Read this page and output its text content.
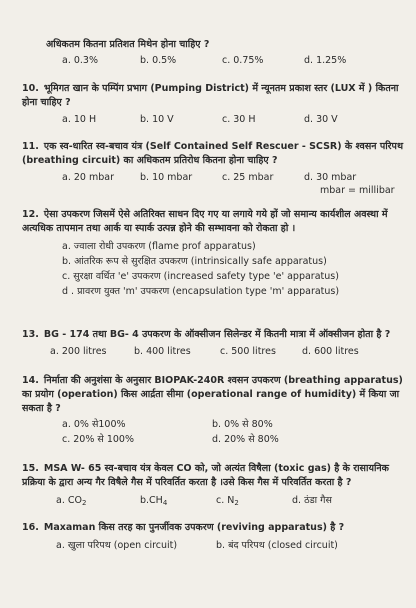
अधिकतम कितना प्रतिशत मिथेन होना चाहिए ?
a. 0.3%	b. 0.5%	c. 0.75%	d. 1.25%
10. भूमिगत खान के पम्पिंग प्रभाग (Pumping District) में न्यूनतम प्रकाश स्तर (LUX में ) कितना होना चाहिए ?
a. 10 H	b. 10 V	c. 30 H	d. 30 V
11. एक स्व-धारित स्व-बचाव यंत्र (Self Contained Self Rescuer - SCSR) के श्वसन परिपथ (breathing circuit) का अधिकतम प्रतिरोध कितना होना चाहिए ?
a. 20 mbar	b. 10 mbar	c. 25 mbar	d. 30 mbar
mbar = millibar
12. ऐसा उपकरण जिसमें ऐसे अतिरिक्त साधन दिए गए या लगाये गये हों जो समान्य कार्यशील अवस्था में अत्यधिक तापमान तथा आर्क या स्पार्क उत्पन्न होने की सम्भावना को रोकता हो ।
a. ज्वाला रोधी उपकरण (flame prof apparatus)
b. आंतरिक रूप से सुरक्षित उपकरण (intrinsically safe apparatus)
c. सुरक्षा वर्धित 'e' उपकरण (increased safety type 'e' apparatus)
d . प्रावरण युक्त 'm' उपकरण (encapsulation type 'm' apparatus)
13. BG - 174 तथा BG- 4 उपकरण के ऑक्सीजन सिलेन्डर में कितनी मात्रा में ऑक्सीजन होता है ?
a. 200 litres	b. 400 litres	c. 500 litres	d. 600 litres
14. निर्माता की अनुशंसा के अनुसार BIOPAK-240R श्वसन उपकरण (breathing apparatus) का प्रयोग (operation) किस आर्द्रता सीमा (operational range of humidity) में किया जा सकता है ?
a. 0% से100%	b. 0% से 80%
c. 20% से 100%	d. 20% से 80%
15. MSA W- 65 स्व-बचाव यंत्र केवल CO को, जो अत्यंत विषैला (toxic gas) है के रासायनिक प्रक्रिया के द्वारा अन्य गैर विषैले गैस में परिवर्तित करता है ।उसे किस गैस में परिवर्तित करता है ?
a. $CO_2$	$b.CH_4$	c. $N_2$	d. ठंडा गैस
16. Maxaman किस तरह का पुनर्जीवक उपकरण (reviving apparatus) है ?
a. खुला परिपथ (open circuit)	b. बंद परिपथ (closed circuit)
